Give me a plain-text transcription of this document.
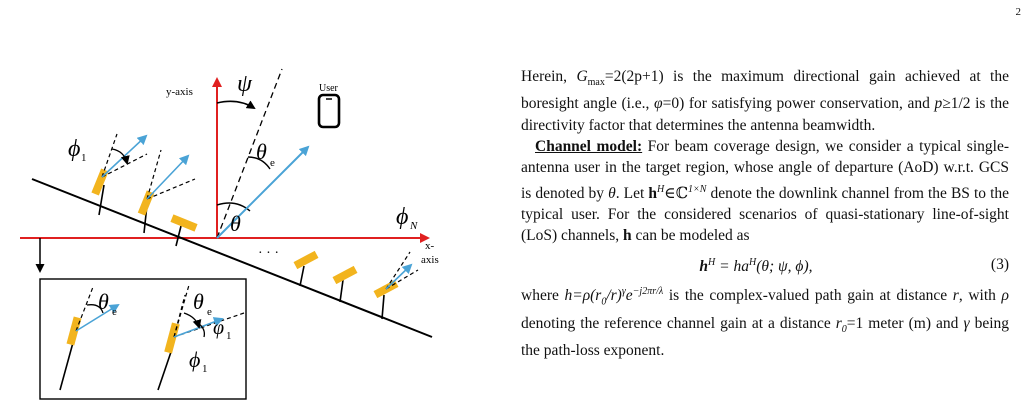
2
User
y-axis
x-
axis
ψ
θ
θ e
ϕ 1
· · ·
ϕ N
θ e	θ e
φ 1
ϕ 1

Herein, $G_{max}=2(2p+1)$ is the maximum directional gain achieved at the boresight angle (i.e., φ=0) for satisfying power conservation, and p≥1/2 is the directivity factor that determines the antenna beamwidth.

Channel model: For beam coverage design, we consider a typical single-antenna user in the target region, whose angle of departure (AoD) w.r.t. GCS is denoted by θ. Let $h^H\in ℂ^{1\times N}$ denote the downlink channel from the BS to the typical user. For the considered scenarios of quasi-stationary line-of-sight (LoS) channels, h can be modeled as

$h^H = ha^H(\theta$; ψ, ϕ),	(3)

where $h=\rho(r_0/r)^\gamma e^{-j2\pi r/\lambda}$ is the complex-valued path gain at distance r, with ρ denoting the reference channel gain at a distance $r_0=1$ meter (m) and γ being the path-loss exponent.
